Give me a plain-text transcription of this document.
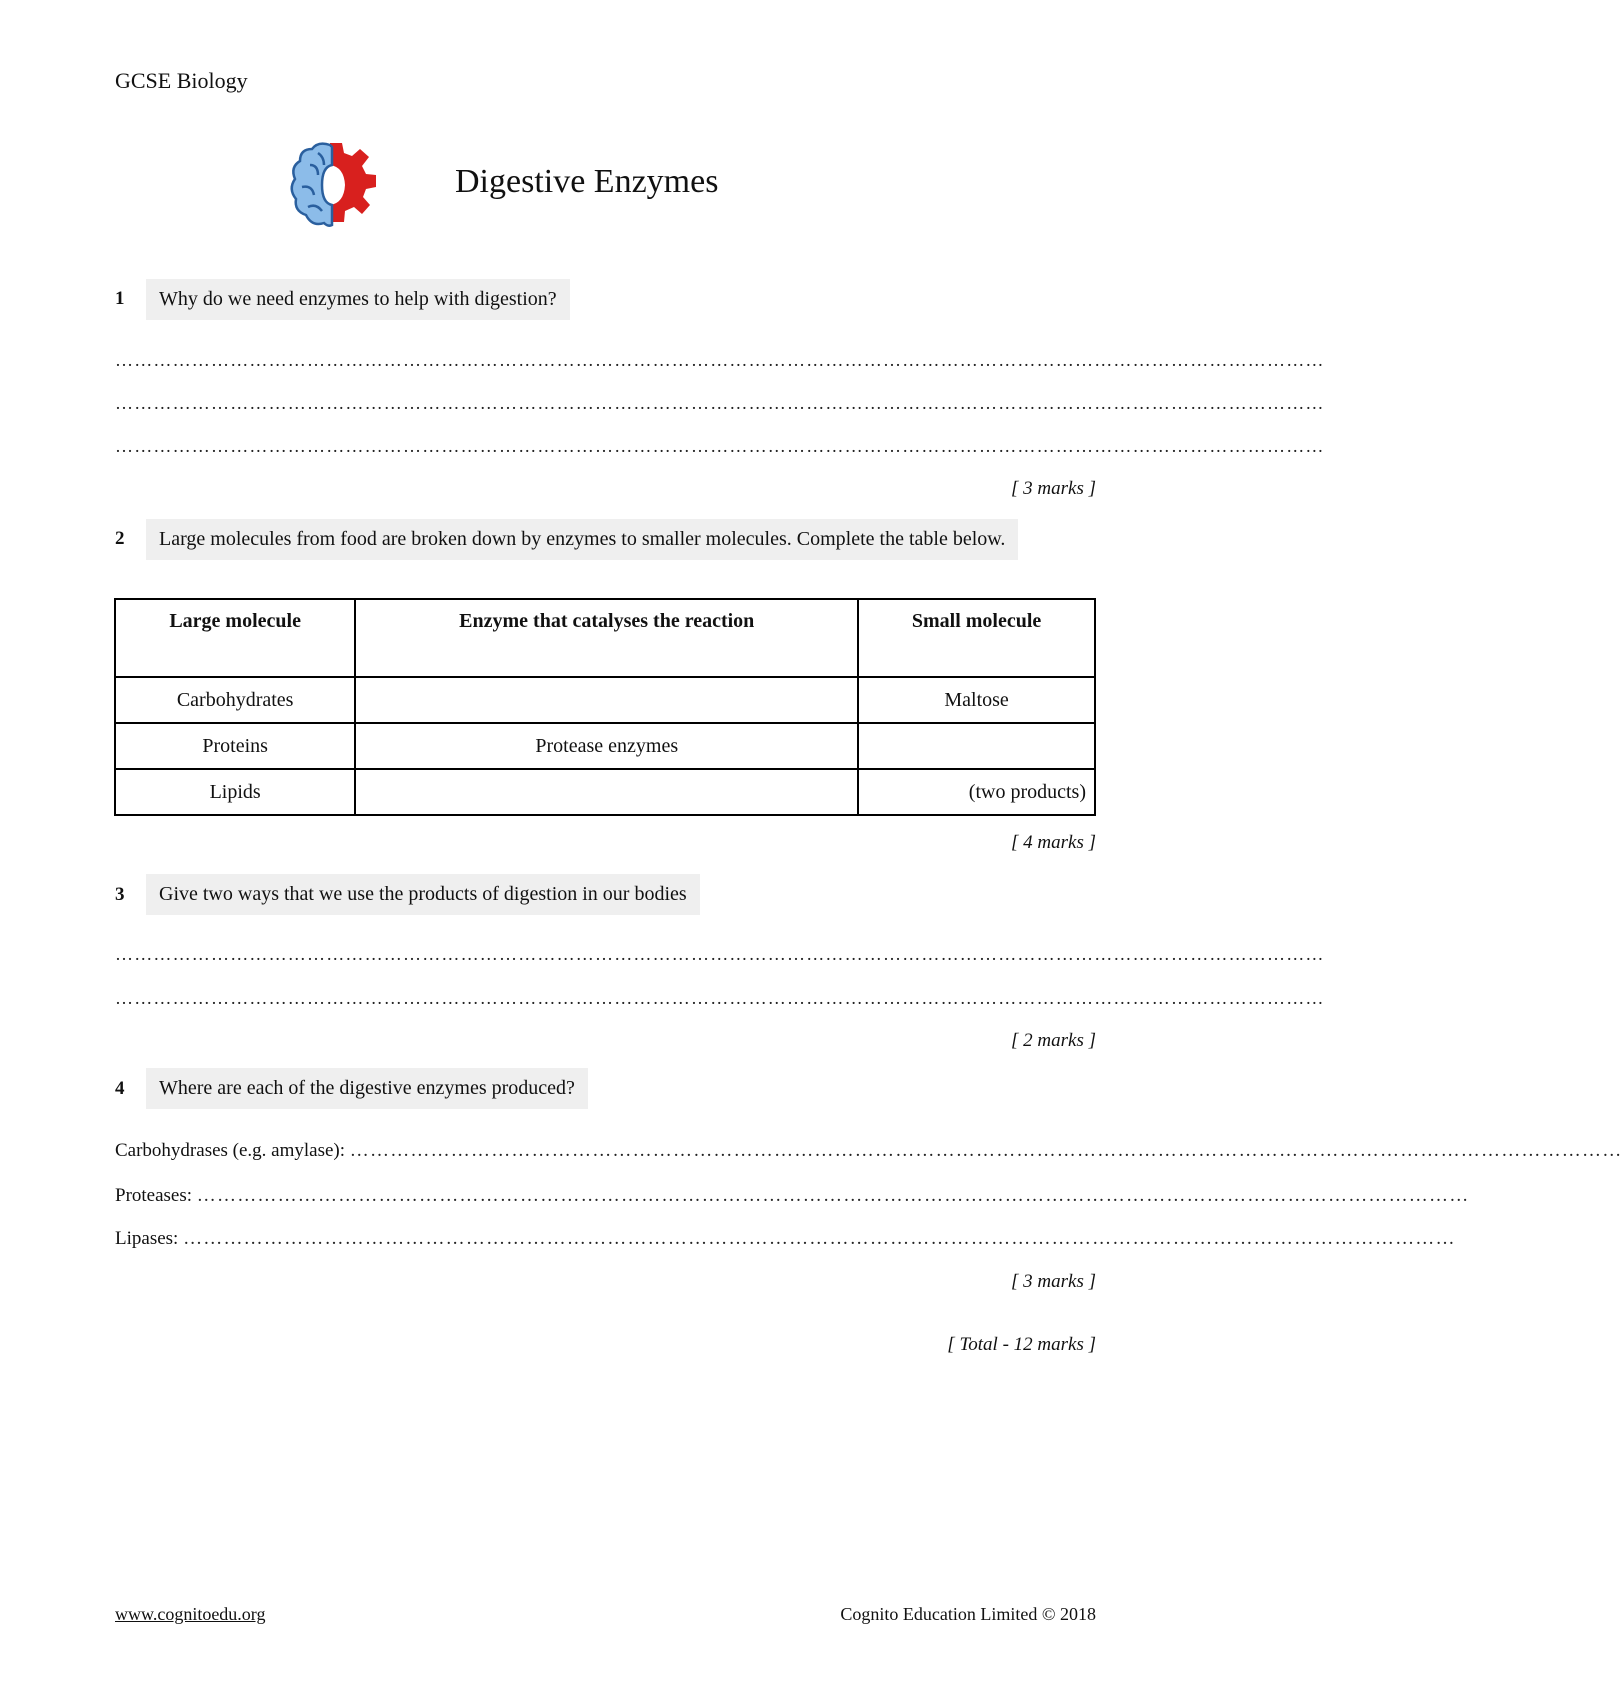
GCSE Biology
Digestive Enzymes
1	Why do we need enzymes to help with digestion?
………………………………………………………………………………………………………………………………………………………………………
………………………………………………………………………………………………………………………………………………………………………
………………………………………………………………………………………………………………………………………………………………………
[ 3 marks ]
2	Large molecules from food are broken down by enzymes to smaller molecules. Complete the table below.
Large molecule	Enzyme that catalyses the reaction	Small molecule
Carbohydrates		Maltose
Proteins	Protease enzymes	
Lipids		(two products)
[ 4 marks ]
3	Give two ways that we use the products of digestion in our bodies
………………………………………………………………………………………………………………………………………………………………………
………………………………………………………………………………………………………………………………………………………………………
[ 2 marks ]
4	Where are each of the digestive enzymes produced?
Carbohydrases (e.g. amylase): ………………………………………………………………………………………………………………………………………………………………………
Proteases: ………………………………………………………………………………………………………………………………………………………………………
Lipases: ………………………………………………………………………………………………………………………………………………………………………
[ 3 marks ]
[ Total - 12 marks ]
www.cognitoedu.org	Cognito Education Limited © 2018
